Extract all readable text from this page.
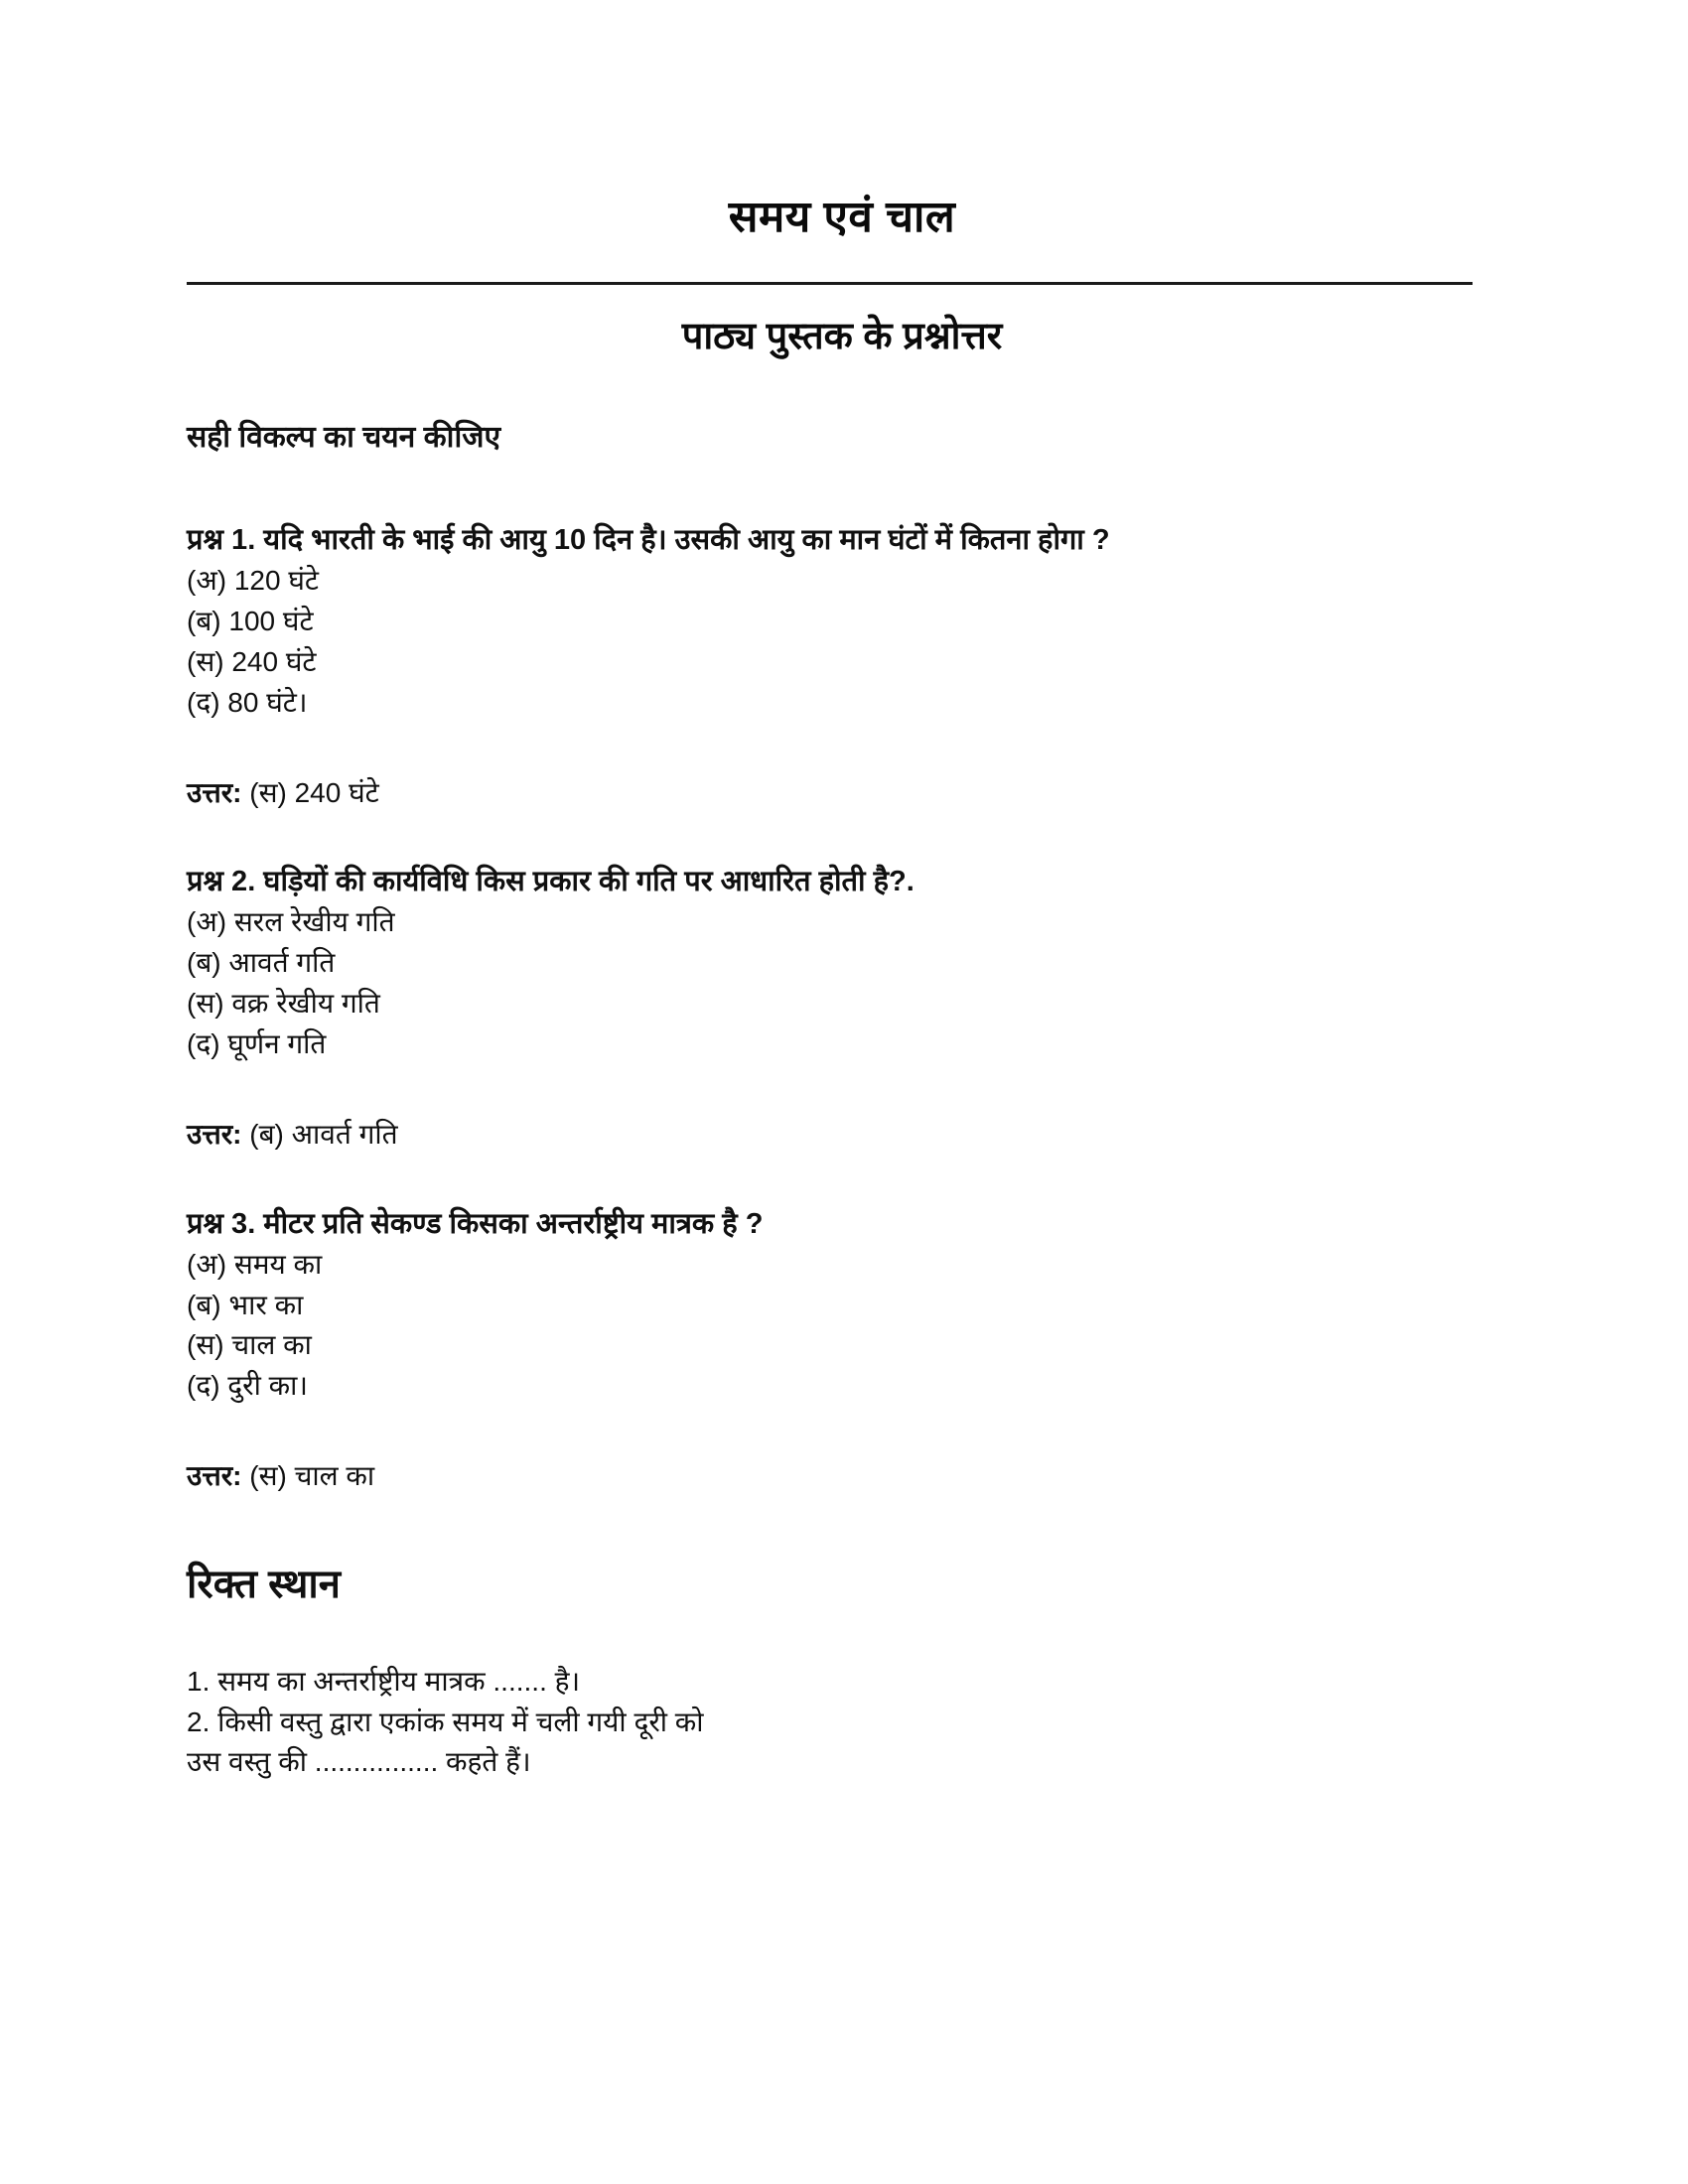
समय एवं चाल
पाठ्य पुस्तक के प्रश्नोत्तर

सही विकल्प का चयन कीजिए

प्रश्न 1. यदि भारती के भाई की आयु 10 दिन है। उसकी आयु का मान घंटों में कितना होगा ?

(अ) 120 घंटे
(ब) 100 घंटे
(स) 240 घंटे
(द) 80 घंटे।

उत्तर: (स) 240 घंटे

प्रश्न 2. घड़ियों की कार्यविधि किस प्रकार की गति पर आधारित होती है?.

(अ) सरल रेखीय गति
(ब) आवर्त गति
(स) वक्र रेखीय गति
(द) घूर्णन गति

उत्तर: (ब) आवर्त गति

प्रश्न 3. मीटर प्रति सेकण्ड किसका अन्तर्राष्ट्रीय मात्रक है ?

(अ) समय का
(ब) भार का
(स) चाल का
(द) दुरी का।

उत्तर: (स) चाल का

रिक्त स्थान
1. समय का अन्तर्राष्ट्रीय मात्रक ....... है।
2. किसी वस्तु द्वारा एकांक समय में चली गयी दूरी को
उस वस्तु की ................ कहते हैं।
